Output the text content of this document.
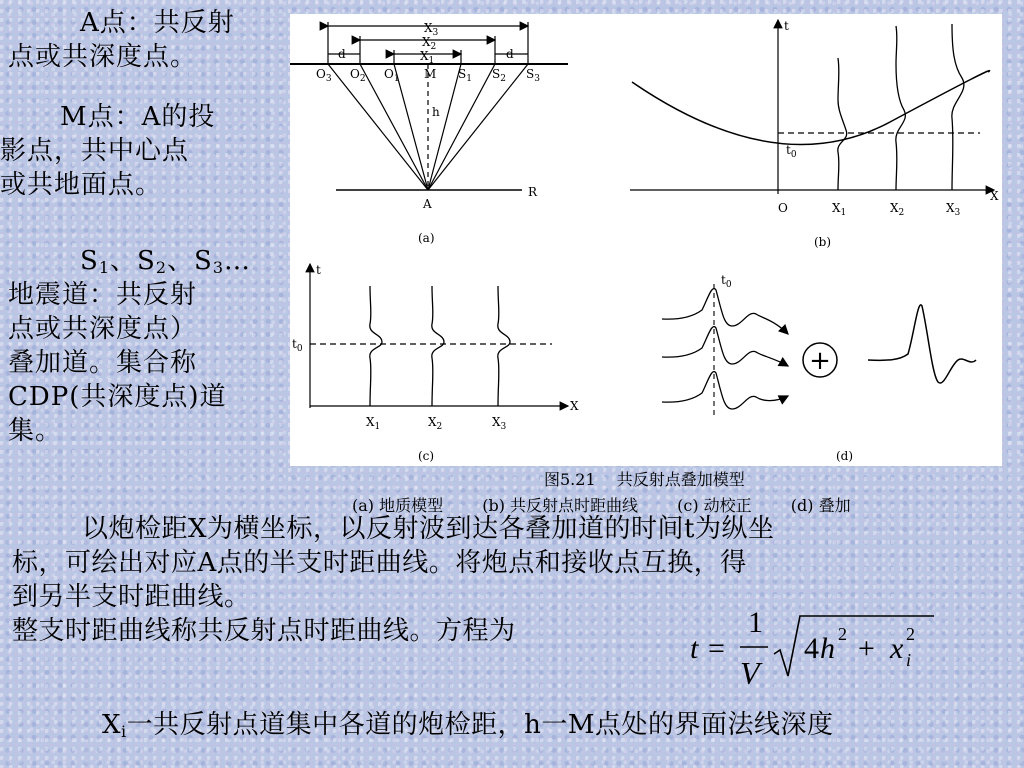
A点：共反射

点或共深度点。

M点：A的投

影点，共中心点

或共地面点。

$S_1$、$S_2$、$S_3\dots$

地震道：共反射

点或共深度点）

叠加道。集合称

CDP(共深度点)道

集。

$X_3$
$X_2$
$X_1$
d	d
$O_3$ $O_2$ $O_1$ M $S_1$ $S_2$ $S_3$
h
A
R
(a)
t
$t_0$
O
X
$X_1$	$X_2$	$X_3$
(b)
t
$t_0$
X
$X_1$	$X_2$	$X_3$
(c)
$t_0$
+
(d)
图5.21　 共反射点叠加模型
(a) 地质模型 (b) 共反射点时距曲线 (c) 动校正 (d) 叠加

以炮检距X为横坐标，以反射波到达各叠加道的时间t为纵坐

标，可绘出对应A点的半支时距曲线。将炮点和接收点互换，得

到另半支时距曲线。

整支时距曲线称共反射点时距曲线。方程为

t =
1
V
4 h 2 + x 2
i
$X_i$一共反射点道集中各道的炮检距，h一M点处的界面法线深度
